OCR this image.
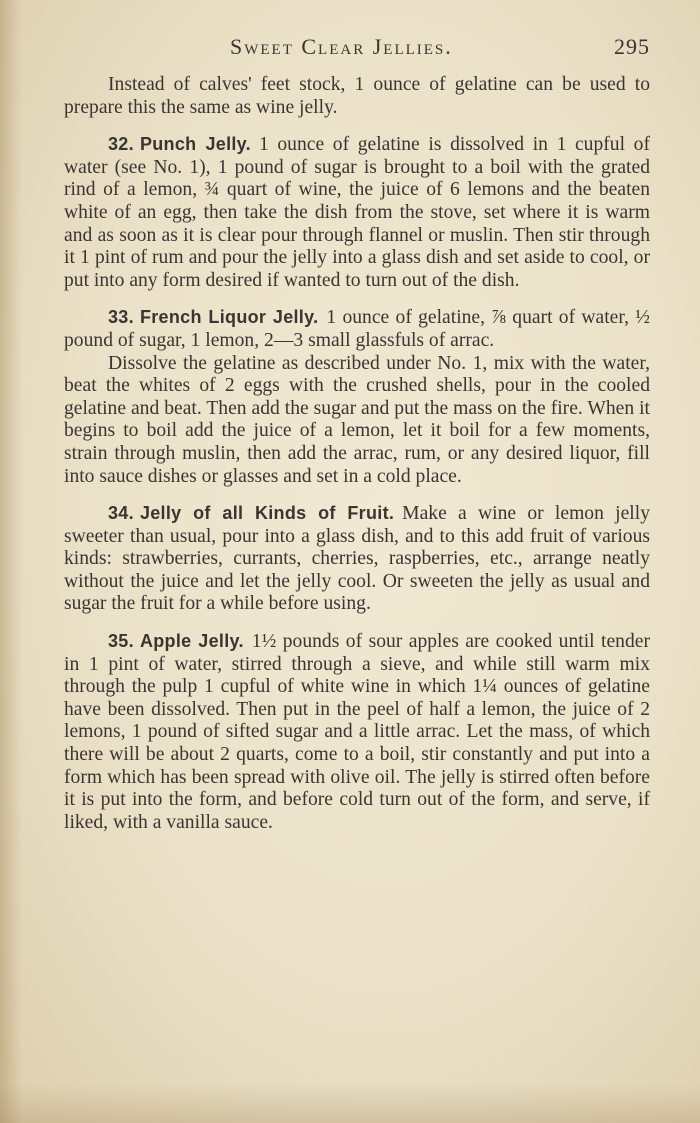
Sweet Clear Jellies.	295

Instead of calves' feet stock, 1 ounce of gelatine can be used to prepare this the same as wine jelly.

32. Punch Jelly. 1 ounce of gelatine is dissolved in 1 cupful of water (see No. 1), 1 pound of sugar is brought to a boil with the grated rind of a lemon, ¾ quart of wine, the juice of 6 lemons and the beaten white of an egg, then take the dish from the stove, set where it is warm and as soon as it is clear pour through flannel or muslin. Then stir through it 1 pint of rum and pour the jelly into a glass dish and set aside to cool, or put into any form desired if wanted to turn out of the dish.

33. French Liquor Jelly. 1 ounce of gelatine, ⅞ quart of water, ½ pound of sugar, 1 lemon, 2—3 small glassfuls of arrac.

Dissolve the gelatine as described under No. 1, mix with the water, beat the whites of 2 eggs with the crushed shells, pour in the cooled gelatine and beat. Then add the sugar and put the mass on the fire. When it begins to boil add the juice of a lemon, let it boil for a few moments, strain through muslin, then add the arrac, rum, or any desired liquor, fill into sauce dishes or glasses and set in a cold place.

34. Jelly of all Kinds of Fruit. Make a wine or lemon jelly sweeter than usual, pour into a glass dish, and to this add fruit of various kinds: strawberries, currants, cherries, raspberries, etc., arrange neatly without the juice and let the jelly cool. Or sweeten the jelly as usual and sugar the fruit for a while before using.

35. Apple Jelly. 1½ pounds of sour apples are cooked until tender in 1 pint of water, stirred through a sieve, and while still warm mix through the pulp 1 cupful of white wine in which 1¼ ounces of gelatine have been dissolved. Then put in the peel of half a lemon, the juice of 2 lemons, 1 pound of sifted sugar and a little arrac. Let the mass, of which there will be about 2 quarts, come to a boil, stir constantly and put into a form which has been spread with olive oil. The jelly is stirred often before it is put into the form, and before cold turn out of the form, and serve, if liked, with a vanilla sauce.
